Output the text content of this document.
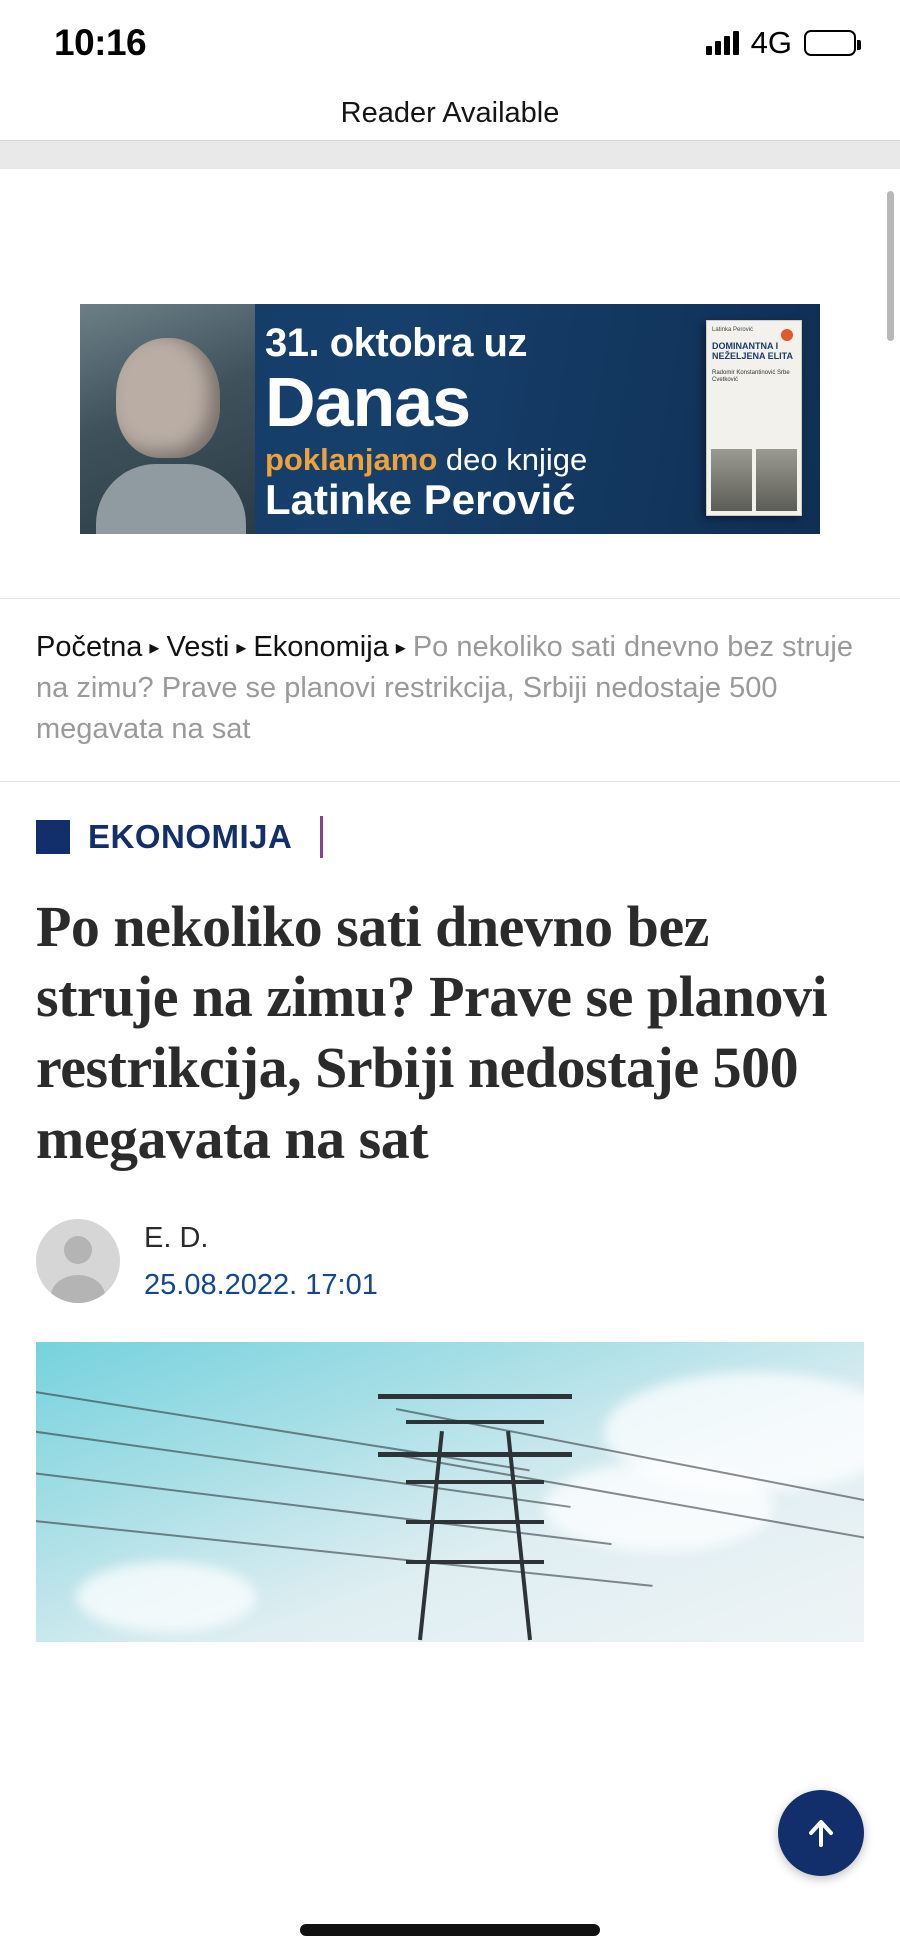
10:16	4G
Reader Available
31. oktobra uz
Danas
poklanjamo deo knjige
Latinke Perović
Latinka Perović
DOMINANTNA I NEŽELJENA ELITA
Radomir Konstantinović Srbe Cvetković
Početna ▸ Vesti ▸ Ekonomija ▸ Po nekoliko sati dnevno bez struje na zimu? Prave se planovi restrikcija, Srbiji nedostaje 500 megavata na sat
EKONOMIJA
Po nekoliko sati dnevno bez struje na zimu? Prave se planovi restrikcija, Srbiji nedostaje 500 megavata na sat
E. D.
25.08.2022. 17:01
